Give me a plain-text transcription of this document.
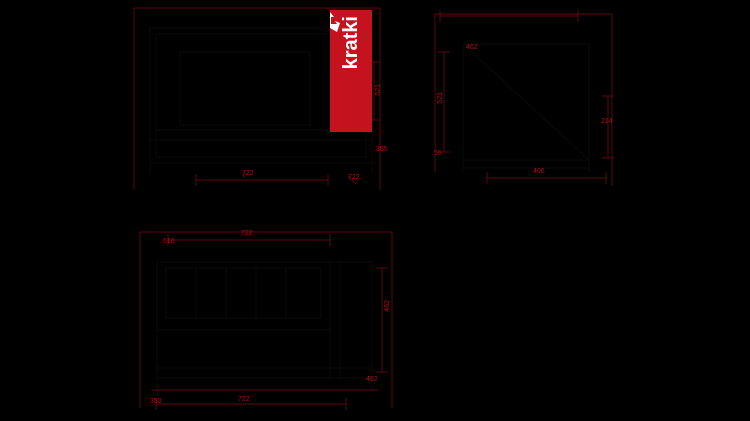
722
722
521
355
462
521
406
56
214
722
610
462
722
350
462
kratki
